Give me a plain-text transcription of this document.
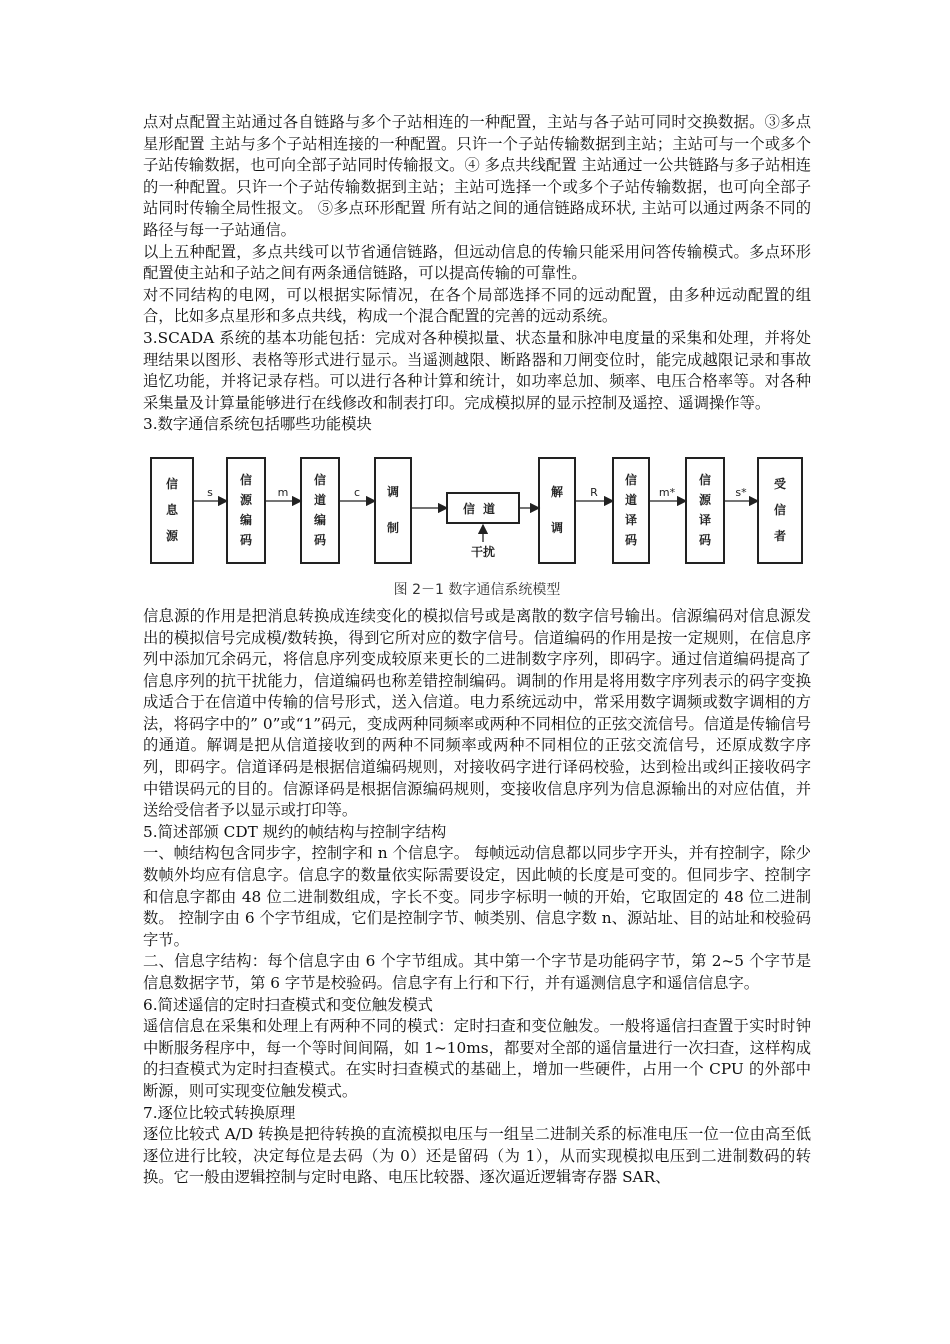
点对点配置主站通过各自链路与多个子站相连的一种配置，主站与各子站可同时交换数据。③多点星形配置 主站与多个子站相连接的一种配置。只许一个子站传输数据到主站；主站可与一个或多个子站传输数据，也可向全部子站同时传输报文。④ 多点共线配置 主站通过一公共链路与多子站相连的一种配置。只许一个子站传输数据到主站；主站可选择一个或多个子站传输数据，也可向全部子站同时传输全局性报文。 ⑤多点环形配置 所有站之间的通信链路成环状, 主站可以通过两条不同的路径与每一子站通信。

以上五种配置，多点共线可以节省通信链路，但远动信息的传输只能采用问答传输模式。多点环形配置使主站和子站之间有两条通信链路，可以提高传输的可靠性。

对不同结构的电网，可以根据实际情况，在各个局部选择不同的远动配置，由多种远动配置的组合，比如多点星形和多点共线，构成一个混合配置的完善的远动系统。

3.SCADA 系统的基本功能包括：完成对各种模拟量、状态量和脉冲电度量的采集和处理，并将处理结果以图形、表格等形式进行显示。当遥测越限、断路器和刀闸变位时，能完成越限记录和事故追忆功能，并将记录存档。可以进行各种计算和统计，如功率总加、频率、电压合格率等。对各种采集量及计算量能够进行在线修改和制表打印。完成模拟屏的显示控制及遥控、遥调操作等。

3.数字通信系统包括哪些功能模块

信息源
信源编码
信道编码
调制
信道
解调
信道译码
信源译码
受信者
s	m	c	R	m*	s*
干扰
图 2－1 数字通信系统模型

信息源的作用是把消息转换成连续变化的模拟信号或是离散的数字信号输出。信源编码对信息源发出的模拟信号完成模/数转换，得到它所对应的数字信号。信道编码的作用是按一定规则，在信息序列中添加冗余码元，将信息序列变成较原来更长的二进制数字序列，即码字。通过信道编码提高了信息序列的抗干扰能力，信道编码也称差错控制编码。调制的作用是将用数字序列表示的码字变换成适合于在信道中传输的信号形式，送入信道。电力系统远动中，常采用数字调频或数字调相的方法，将码字中的” 0”或“1”码元，变成两种同频率或两种不同相位的正弦交流信号。信道是传输信号的通道。解调是把从信道接收到的两种不同频率或两种不同相位的正弦交流信号，还原成数字序列，即码字。信道译码是根据信道编码规则，对接收码字进行译码校验，达到检出或纠正接收码字中错误码元的目的。信源译码是根据信源编码规则，变接收信息序列为信息源输出的对应估值，并送给受信者予以显示或打印等。

5.简述部颁 CDT 规约的帧结构与控制字结构

一、帧结构包含同步字，控制字和 n 个信息字。 每帧远动信息都以同步字开头，并有控制字，除少数帧外均应有信息字。信息字的数量依实际需要设定，因此帧的长度是可变的。但同步字、控制字和信息字都由 48 位二进制数组成，字长不变。同步字标明一帧的开始，它取固定的 48 位二进制数。 控制字由 6 个字节组成，它们是控制字节、帧类别、信息字数 n、源站址、目的站址和校验码字节。

二、信息字结构：每个信息字由 6 个字节组成。其中第一个字节是功能码字节，第 2~5 个字节是信息数据字节，第 6 字节是校验码。信息字有上行和下行，并有遥测信息字和遥信信息字。

6.简述遥信的定时扫查模式和变位触发模式

遥信信息在采集和处理上有两种不同的模式：定时扫查和变位触发。一般将遥信扫查置于实时时钟中断服务程序中，每一个等时间间隔，如 1~10ms，都要对全部的遥信量进行一次扫查，这样构成的扫查模式为定时扫查模式。在实时扫查模式的基础上，增加一些硬件，占用一个 CPU 的外部中断源，则可实现变位触发模式。

7.逐位比较式转换原理

逐位比较式 A/D 转换是把待转换的直流模拟电压与一组呈二进制关系的标准电压一位一位由高至低逐位进行比较，决定每位是去码（为 0）还是留码（为 1），从而实现模拟电压到二进制数码的转换。它一般由逻辑控制与定时电路、电压比较器、逐次逼近逻辑寄存器 SAR、
